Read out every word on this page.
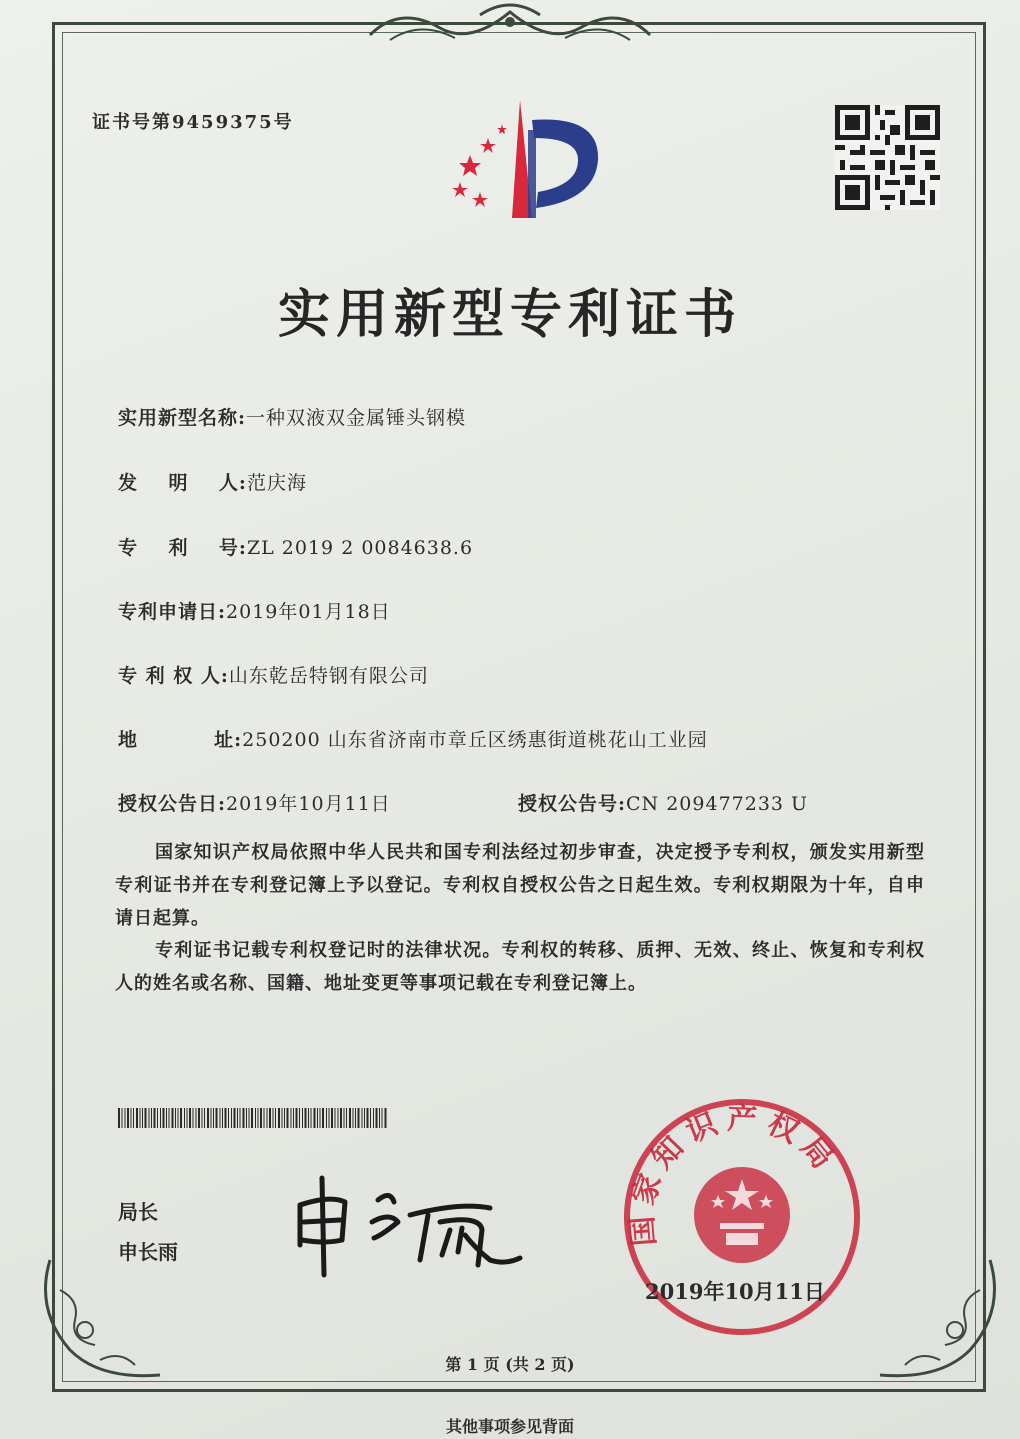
证书号第9459375号
实用新型专利证书
实用新型名称:一种双液双金属锤头钢模
发    明    人:范庆海
专    利    号:ZL 2019 2 0084638.6
专利申请日:2019年01月18日
专 利 权 人:山东乾岳特钢有限公司
地          址:250200 山东省济南市章丘区绣惠街道桃花山工业园
授权公告日:2019年10月11日	授权公告号:CN 209477233 U
国家知识产权局依照中华人民共和国专利法经过初步审查，决定授予专利权，颁发实用新型专利证书并在专利登记簿上予以登记。专利权自授权公告之日起生效。专利权期限为十年，自申请日起算。
专利证书记载专利权登记时的法律状况。专利权的转移、质押、无效、终止、恢复和专利权人的姓名或名称、国籍、地址变更等事项记载在专利登记簿上。
局长
申长雨
国家知识产权局
2019年10月11日
第 1 页 (共 2 页)
其他事项参见背面
